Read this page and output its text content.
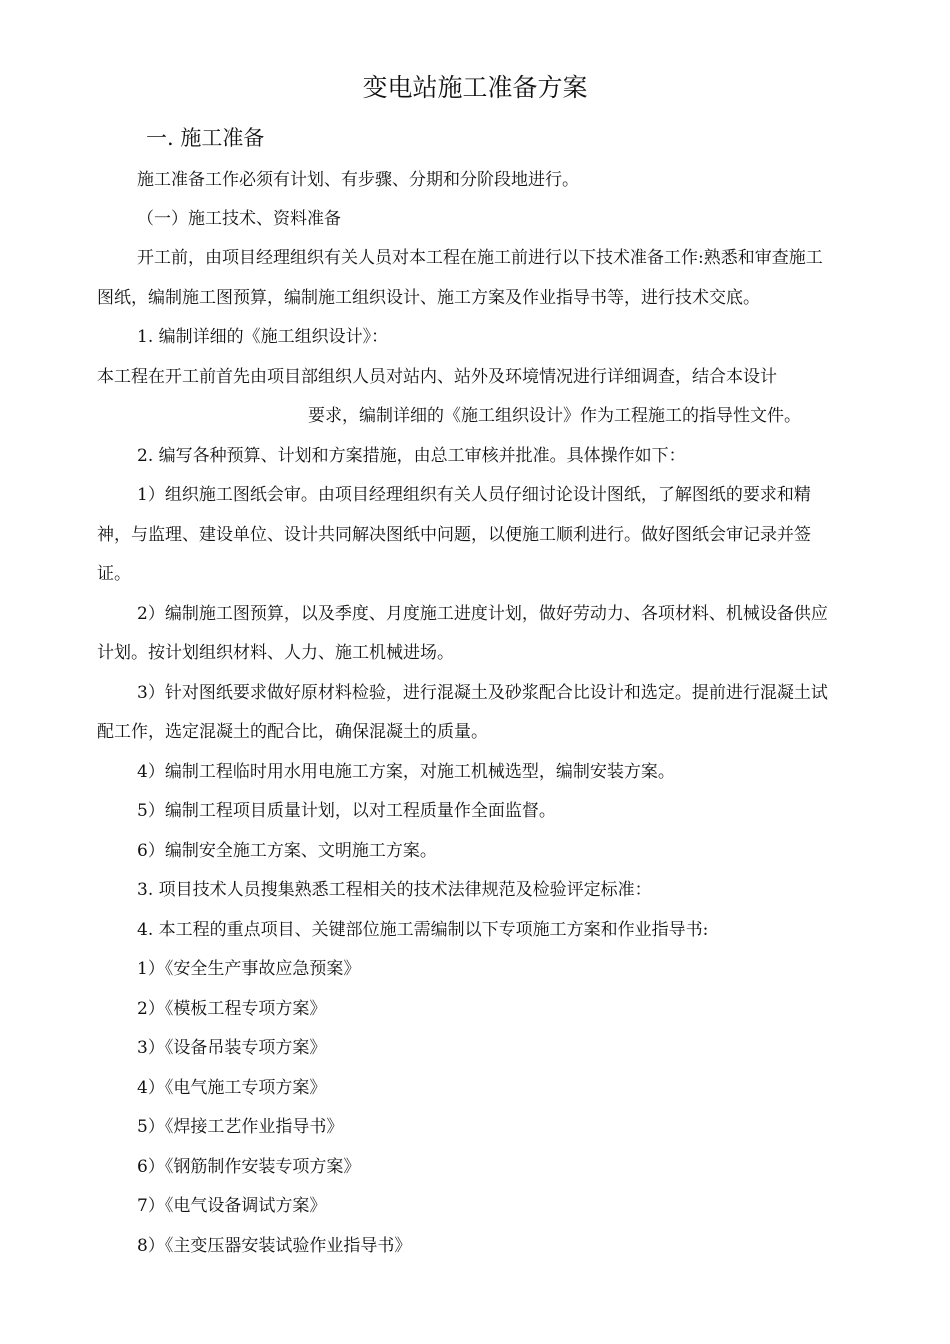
变电站施工准备方案
一. 施工准备
施工准备工作必须有计划、有步骤、分期和分阶段地进行。
（一）施工技术、资料准备
开工前，由项目经理组织有关人员对本工程在施工前进行以下技术准备工作:熟悉和审查施工
图纸，编制施工图预算，编制施工组织设计、施工方案及作业指导书等，进行技术交底。
1. 编制详细的《施工组织设计》：
本工程在开工前首先由项目部组织人员对站内、站外及环境情况进行详细调查，结合本设计
要求，编制详细的《施工组织设计》作为工程施工的指导性文件。
2. 编写各种预算、计划和方案措施，由总工审核并批准。具体操作如下：
1）组织施工图纸会审。由项目经理组织有关人员仔细讨论设计图纸，了解图纸的要求和精
神，与监理、建设单位、设计共同解决图纸中问题，以便施工顺利进行。做好图纸会审记录并签
证。
2）编制施工图预算，以及季度、月度施工进度计划，做好劳动力、各项材料、机械设备供应
计划。按计划组织材料、人力、施工机械进场。
3）针对图纸要求做好原材料检验，进行混凝土及砂浆配合比设计和选定。提前进行混凝土试
配工作，选定混凝土的配合比，确保混凝土的质量。
4）编制工程临时用水用电施工方案，对施工机械选型，编制安装方案。
5）编制工程项目质量计划，以对工程质量作全面监督。
6）编制安全施工方案、文明施工方案。
3. 项目技术人员搜集熟悉工程相关的技术法律规范及检验评定标准：
4. 本工程的重点项目、关键部位施工需编制以下专项施工方案和作业指导书:
1）《安全生产事故应急预案》
2）《模板工程专项方案》
3）《设备吊装专项方案》
4）《电气施工专项方案》
5）《焊接工艺作业指导书》
6）《钢筋制作安装专项方案》
7）《电气设备调试方案》
8）《主变压器安装试验作业指导书》
